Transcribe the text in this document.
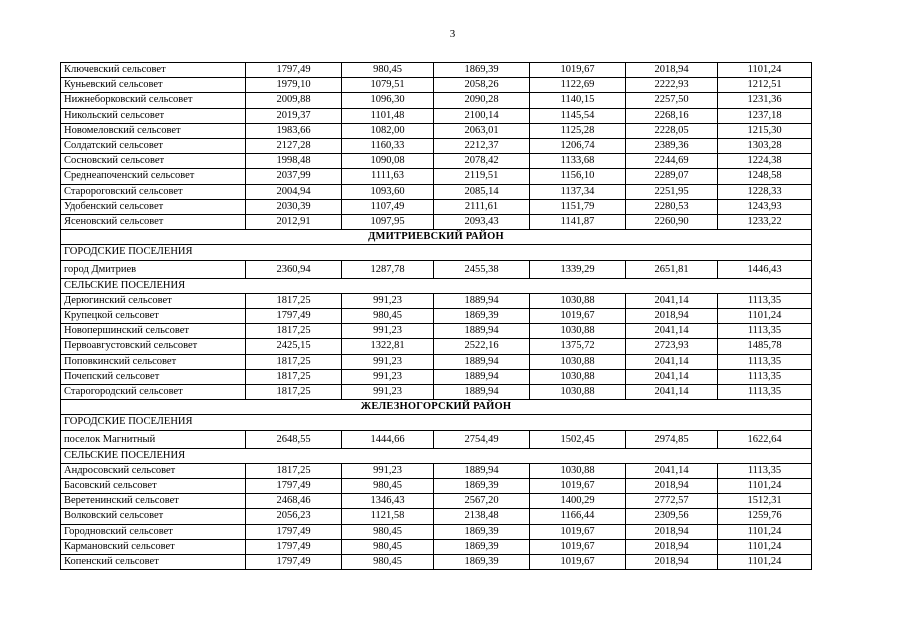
3
Ключевский сельсовет	1797,49	980,45	1869,39	1019,67	2018,94	1101,24
Куньевский сельсовет	1979,10	1079,51	2058,26	1122,69	2222,93	1212,51
Нижнеборковский сельсовет	2009,88	1096,30	2090,28	1140,15	2257,50	1231,36
Никольский сельсовет	2019,37	1101,48	2100,14	1145,54	2268,16	1237,18
Новомеловский сельсовет	1983,66	1082,00	2063,01	1125,28	2228,05	1215,30
Солдатский сельсовет	2127,28	1160,33	2212,37	1206,74	2389,36	1303,28
Сосновский сельсовет	1998,48	1090,08	2078,42	1133,68	2244,69	1224,38
Среднеапоченский сельсовет	2037,99	1111,63	2119,51	1156,10	2289,07	1248,58
Старороговский сельсовет	2004,94	1093,60	2085,14	1137,34	2251,95	1228,33
Удобенский сельсовет	2030,39	1107,49	2111,61	1151,79	2280,53	1243,93
Ясеновский сельсовет	2012,91	1097,95	2093,43	1141,87	2260,90	1233,22
ДМИТРИЕВСКИЙ РАЙОН						
ГОРОДСКИЕ ПОСЕЛЕНИЯ						
город Дмитриев	2360,94	1287,78	2455,38	1339,29	2651,81	1446,43
СЕЛЬСКИЕ ПОСЕЛЕНИЯ						
Дерюгинский сельсовет	1817,25	991,23	1889,94	1030,88	2041,14	1113,35
Крупецкой сельсовет	1797,49	980,45	1869,39	1019,67	2018,94	1101,24
Новопершинский сельсовет	1817,25	991,23	1889,94	1030,88	2041,14	1113,35
Первоавгустовский сельсовет	2425,15	1322,81	2522,16	1375,72	2723,93	1485,78
Поповкинский сельсовет	1817,25	991,23	1889,94	1030,88	2041,14	1113,35
Почепский сельсовет	1817,25	991,23	1889,94	1030,88	2041,14	1113,35
Старогородский сельсовет	1817,25	991,23	1889,94	1030,88	2041,14	1113,35
ЖЕЛЕЗНОГОРСКИЙ РАЙОН						
ГОРОДСКИЕ ПОСЕЛЕНИЯ						
поселок Магнитный	2648,55	1444,66	2754,49	1502,45	2974,85	1622,64
СЕЛЬСКИЕ ПОСЕЛЕНИЯ						
Андросовский сельсовет	1817,25	991,23	1889,94	1030,88	2041,14	1113,35
Басовский сельсовет	1797,49	980,45	1869,39	1019,67	2018,94	1101,24
Веретенинский сельсовет	2468,46	1346,43	2567,20	1400,29	2772,57	1512,31
Волковский сельсовет	2056,23	1121,58	2138,48	1166,44	2309,56	1259,76
Городновский сельсовет	1797,49	980,45	1869,39	1019,67	2018,94	1101,24
Кармановский сельсовет	1797,49	980,45	1869,39	1019,67	2018,94	1101,24
Копенский сельсовет	1797,49	980,45	1869,39	1019,67	2018,94	1101,24
